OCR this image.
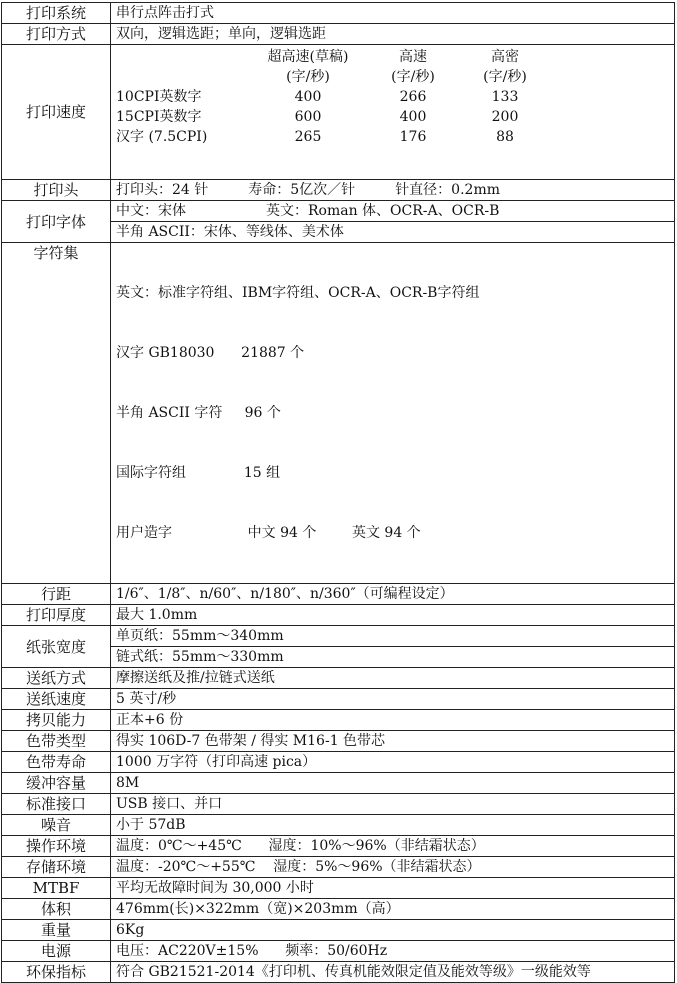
打印系统	串行点阵击打式
打印方式	双向，逻辑选距；单向，逻辑选距
打印速度	
	超高速(草稿)	高速	高密
	(字/秒)	(字/秒)	(字/秒)
10CPI英数字	400	266	133
15CPI英数字	600	400	200
汉字 (7.5CPI)	265	176	88

打印头	打印头：24 针	寿命：5亿次／针	针直径：0.2mm
打印字体	中文：宋体	英文：Roman 体、OCR-A、OCR-B
半角 ASCII：宋体、等线体、美术体
字符集	

英文：标准字符组、IBM字符组、OCR-A、OCR-B字符组

汉字 GB18030      21887 个

半角 ASCII 字符     96 个

国际字符组             15 组

用户造字                 中文 94 个        英文 94 个

行距	1/6″、1/8″、n/60″、n/180″、n/360″（可编程设定）
打印厚度	最大 1.0mm
纸张宽度	单页纸：55mm～340mm
链式纸：55mm～330mm
送纸方式	摩擦送纸及推/拉链式送纸
送纸速度	5 英寸/秒
拷贝能力	正本+6 份
色带类型	得实 106D-7 色带架 / 得实 M16-1 色带芯
色带寿命	1000 万字符（打印高速 pica）
缓冲容量	8M
标准接口	USB 接口、并口
噪音	小于 57dB
操作环境	温度：0℃～+45℃      湿度：10%～96%（非结霜状态）
存储环境	温度：-20℃～+55℃    湿度：5%～96%（非结霜状态）
MTBF	平均无故障时间为 30,000 小时
体积	476mm(长)×322mm（宽)×203mm（高）
重量	6Kg
电源	电压：AC220V±15%      频率：50/60Hz
环保指标	符合 GB21521-2014《打印机、传真机能效限定值及能效等级》一级能效等
